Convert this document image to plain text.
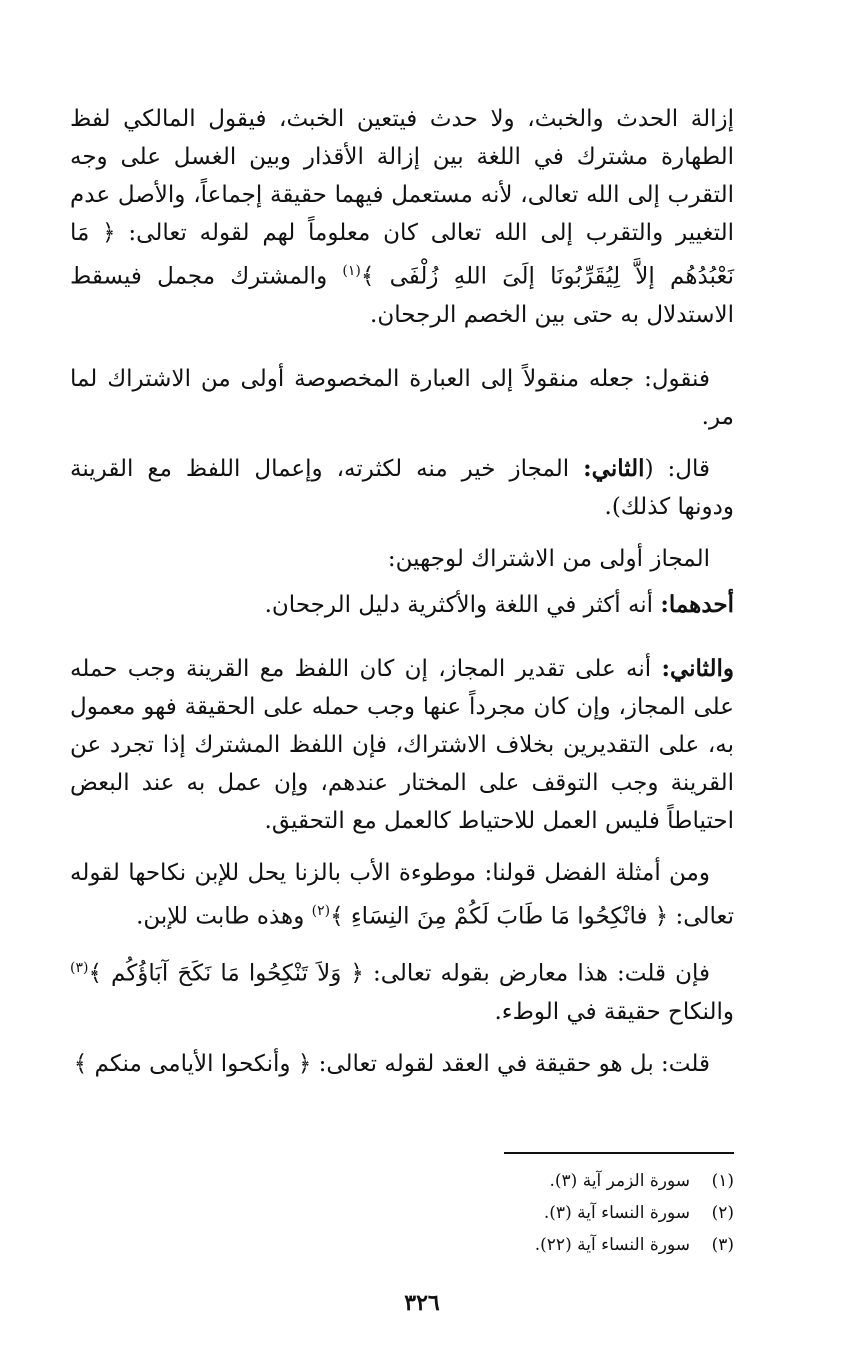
إزالة الحدث والخبث، ولا حدث فيتعين الخبث، فيقول المالكي لفظ الطهارة مشترك في اللغة بين إزالة الأقذار وبين الغسل على وجه التقرب إلى الله تعالى، لأنه مستعمل فيهما حقيقة إجماعاً، والأصل عدم التغيير والتقرب إلى الله تعالى كان معلوماً لهم لقوله تعالى: ﴿ مَا نَعْبُدُهُم إلاَّ لِيُقَرِّبُونَا إلَىَ اللهِ زُلْفَى ﴾$^{(١)}$ والمشترك مجمل فيسقط الاستدلال به حتى بين الخصم الرجحان.

فنقول: جعله منقولاً إلى العبارة المخصوصة أولى من الاشتراك لما مر.

قال: (الثاني: المجاز خير منه لكثرته، وإعمال اللفظ مع القرينة ودونها كذلك).

المجاز أولى من الاشتراك لوجهين:

أحدهما: أنه أكثر في اللغة والأكثرية دليل الرجحان.

والثاني: أنه على تقدير المجاز، إن كان اللفظ مع القرينة وجب حمله على المجاز، وإن كان مجرداً عنها وجب حمله على الحقيقة فهو معمول به، على التقديرين بخلاف الاشتراك، فإن اللفظ المشترك إذا تجرد عن القرينة وجب التوقف على المختار عندهم، وإن عمل به عند البعض احتياطاً فليس العمل للاحتياط كالعمل مع التحقيق.

ومن أمثلة الفضل قولنا: موطوءة الأب بالزنا يحل للإبن نكاحها لقوله تعالى: ﴿ فانْكِحُوا مَا طَابَ لَكُمْ مِنَ النِسَاءِ ﴾$^{(٢)}$ وهذه طابت للإبن.

فإن قلت: هذا معارض بقوله تعالى: ﴿ وَلاَ تَنْكِحُوا مَا نَكَحَ آبَاؤُكُم ﴾$^{(٣)}$ والنكاح حقيقة في الوطء.

قلت: بل هو حقيقة في العقد لقوله تعالى: ﴿ وأنكحوا الأيامى منكم ﴾

(١)سورة الزمر آية (٣).

(٢)سورة النساء آية (٣).

(٣)سورة النساء آية (٢٢).

٣٢٦
